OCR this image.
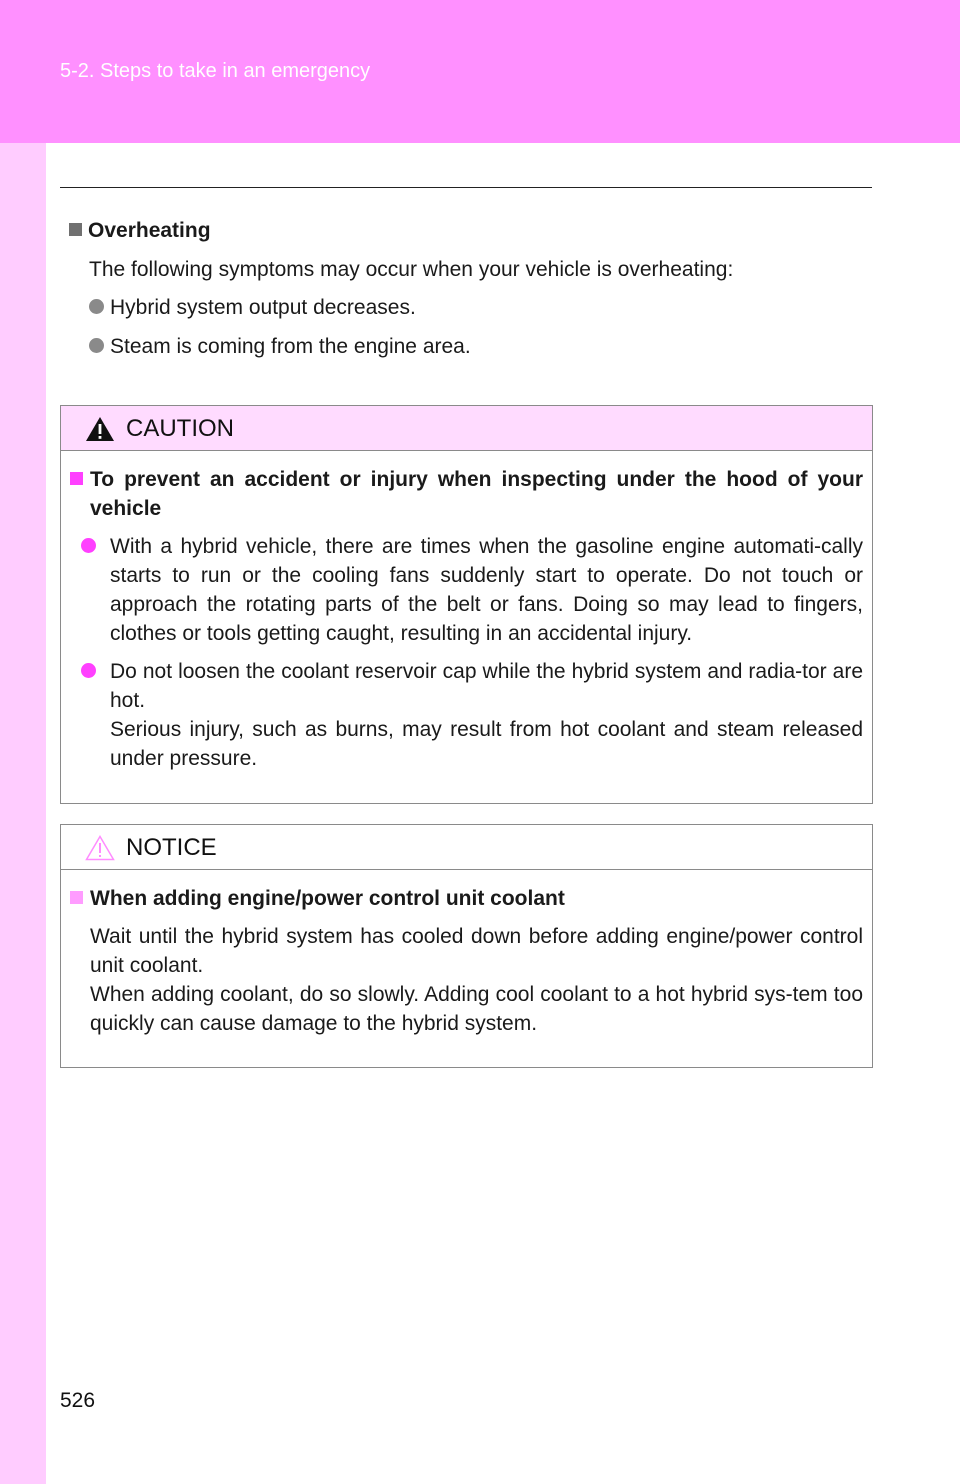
5-2. Steps to take in an emergency
Overheating
The following symptoms may occur when your vehicle is overheating:
Hybrid system output decreases.
Steam is coming from the engine area.
CAUTION
To prevent an accident or injury when inspecting under the hood of your vehicle
With a hybrid vehicle, there are times when the gasoline engine automati-cally starts to run or the cooling fans suddenly start to operate. Do not touch or approach the rotating parts of the belt or fans. Doing so may lead to fingers, clothes or tools getting caught, resulting in an accidental injury.
Do not loosen the coolant reservoir cap while the hybrid system and radia-tor are hot.
Serious injury, such as burns, may result from hot coolant and steam released under pressure.
NOTICE
When adding engine/power control unit coolant
Wait until the hybrid system has cooled down before adding engine/power control unit coolant.
When adding coolant, do so slowly. Adding cool coolant to a hot hybrid sys-tem too quickly can cause damage to the hybrid system.
526
